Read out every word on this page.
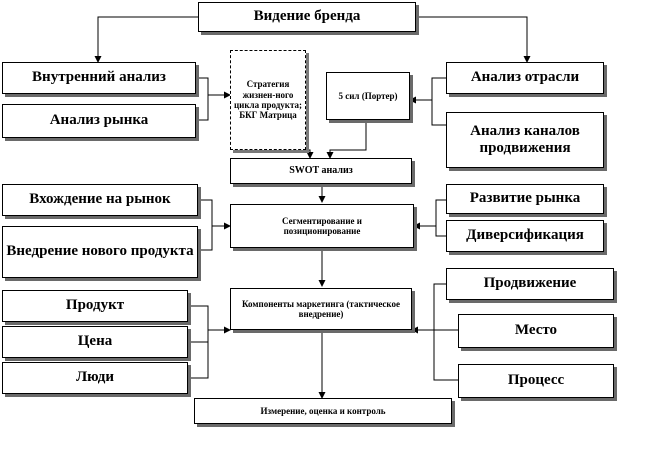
Видение бренда
Внутренний анализ
Анализ рынка
Стратегия жизнен-ного цикла продукта; БКГ Матрица
5 сил (Портер)
Анализ отрасли
Анализ каналов продвижения
SWOT анализ
Вхождение на рынок
Внедрение нового продукта
Сегментирование и позиционирование
Развитие рынка
Диверсификация
Продукт
Цена
Люди
Компоненты маркетинга (тактическое внедрение)
Продвижение
Место
Процесс
Измерение, оценка и контроль
